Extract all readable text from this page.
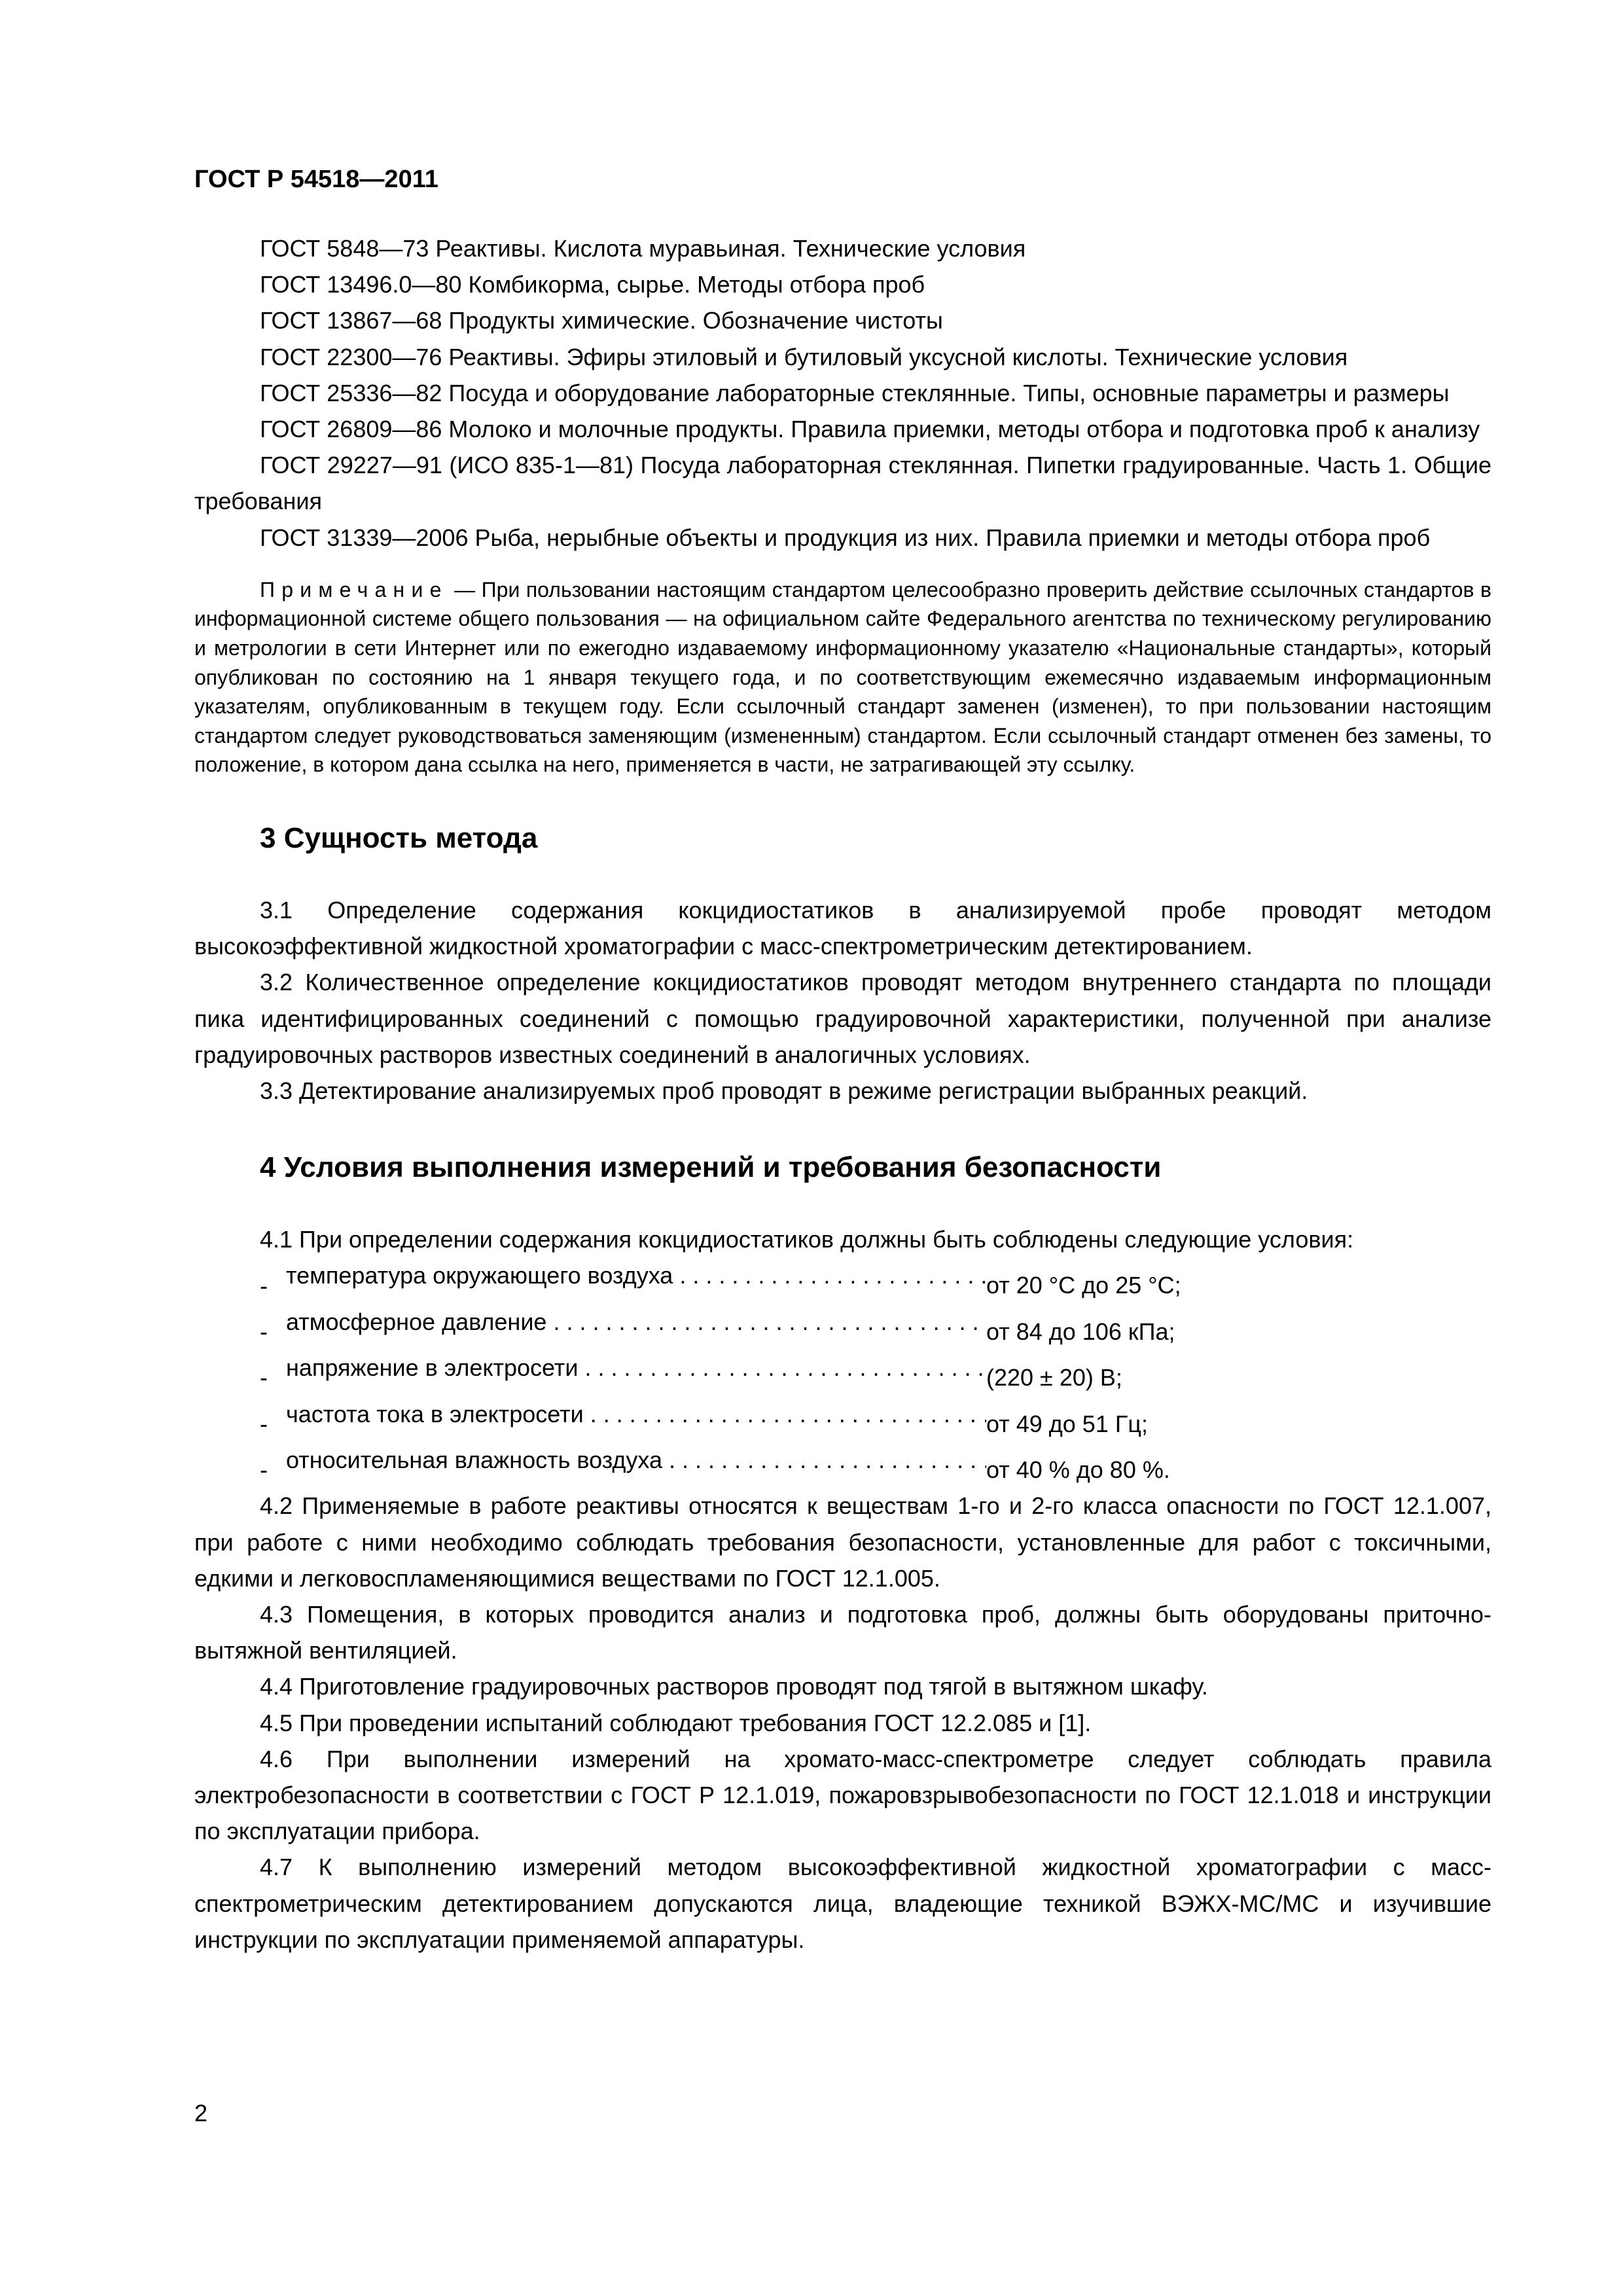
ГОСТ Р 54518—2011

ГОСТ 5848—73 Реактивы. Кислота муравьиная. Технические условия

ГОСТ 13496.0—80 Комбикорма, сырье. Методы отбора проб

ГОСТ 13867—68 Продукты химические. Обозначение чистоты

ГОСТ 22300—76 Реактивы. Эфиры этиловый и бутиловый уксусной кислоты. Технические условия

ГОСТ 25336—82 Посуда и оборудование лабораторные стеклянные. Типы, основные параметры и размеры

ГОСТ 26809—86 Молоко и молочные продукты. Правила приемки, методы отбора и подготовка проб к анализу

ГОСТ 29227—91 (ИСО 835-1—81) Посуда лабораторная стеклянная. Пипетки градуированные. Часть 1. Общие требования

ГОСТ 31339—2006 Рыба, нерыбные объекты и продукция из них. Правила приемки и методы отбора проб

Примечание — При пользовании настоящим стандартом целесообразно проверить действие ссылочных стандартов в информационной системе общего пользования — на официальном сайте Федерального агентства по техническому регулированию и метрологии в сети Интернет или по ежегодно издаваемому информационному указателю «Национальные стандарты», который опубликован по состоянию на 1 января текущего года, и по соответствующим ежемесячно издаваемым информационным указателям, опубликованным в текущем году. Если ссылочный стандарт заменен (изменен), то при пользовании настоящим стандартом следует руководствоваться заменяющим (измененным) стандартом. Если ссылочный стандарт отменен без замены, то положение, в котором дана ссылка на него, применяется в части, не затрагивающей эту ссылку.

3 Сущность метода

3.1 Определение содержания кокцидиостатиков в анализируемой пробе проводят методом высокоэффективной жидкостной хроматографии с масс-спектрометрическим детектированием.

3.2 Количественное определение кокцидиостатиков проводят методом внутреннего стандарта по площади пика идентифицированных соединений с помощью градуировочной характеристики, полученной при анализе градуировочных растворов известных соединений в аналогичных условиях.

3.3 Детектирование анализируемых проб проводят в режиме регистрации выбранных реакций.

4 Условия выполнения измерений и требования безопасности

4.1 При определении содержания кокцидиостатиков должны быть соблюдены следующие условия:

- температура окружающего воздуха . . .	от 20 °С до 25 °С;
- атмосферное давление . . .	от 84 до 106 кПа;
- напряжение в электросети . . .	(220 ± 20) В;
- частота тока в электросети . . .	от 49 до 51 Гц;
- относительная влажность воздуха . . .	от 40 % до 80 %.

4.2 Применяемые в работе реактивы относятся к веществам 1-го и 2-го класса опасности по ГОСТ 12.1.007, при работе с ними необходимо соблюдать требования безопасности, установленные для работ с токсичными, едкими и легковоспламеняющимися веществами по ГОСТ 12.1.005.

4.3 Помещения, в которых проводится анализ и подготовка проб, должны быть оборудованы приточно-вытяжной вентиляцией.

4.4 Приготовление градуировочных растворов проводят под тягой в вытяжном шкафу.

4.5 При проведении испытаний соблюдают требования ГОСТ 12.2.085 и [1].

4.6 При выполнении измерений на хромато-масс-спектрометре следует соблюдать правила электробезопасности в соответствии с ГОСТ Р 12.1.019, пожаровзрывобезопасности по ГОСТ 12.1.018 и инструкции по эксплуатации прибора.

4.7 К выполнению измерений методом высокоэффективной жидкостной хроматографии с масс-спектрометрическим детектированием допускаются лица, владеющие техникой ВЭЖХ-МС/МС и изучившие инструкции по эксплуатации применяемой аппаратуры.

2
